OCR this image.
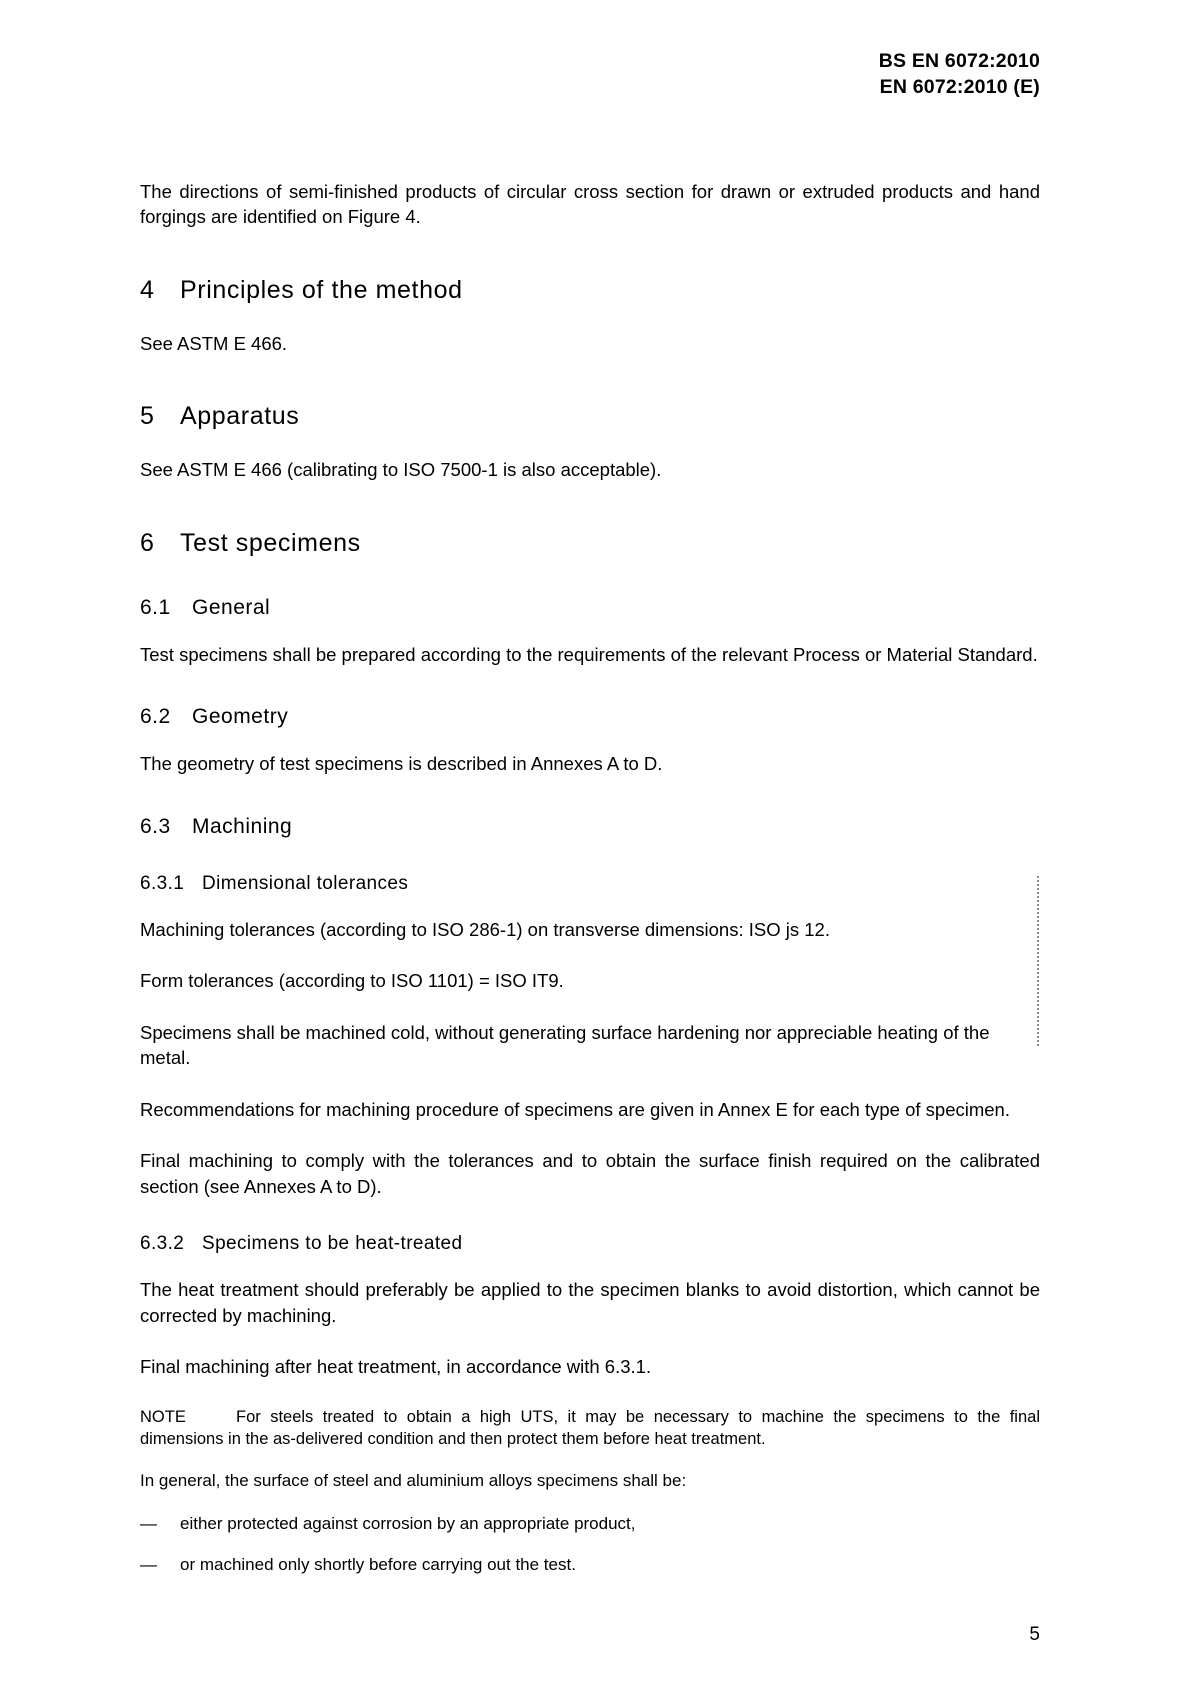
BS EN 6072:2010
EN 6072:2010 (E)

The directions of semi-finished products of circular cross section for drawn or extruded products and hand forgings are identified on Figure 4.

4 Principles of the method

See ASTM E 466.

5 Apparatus

See ASTM E 466 (calibrating to ISO 7500-1 is also acceptable).

6 Test specimens
6.1 General

Test specimens shall be prepared according to the requirements of the relevant Process or Material Standard.

6.2 Geometry

The geometry of test specimens is described in Annexes A to D.

6.3 Machining
6.3.1 Dimensional tolerances

Machining tolerances (according to ISO 286-1) on transverse dimensions: ISO js 12.

Form tolerances (according to ISO 1101) = ISO IT9.

Specimens shall be machined cold, without generating surface hardening nor appreciable heating of the metal.

Recommendations for machining procedure of specimens are given in Annex E for each type of specimen.

Final machining to comply with the tolerances and to obtain the surface finish required on the calibrated section (see Annexes A to D).

6.3.2 Specimens to be heat-treated

The heat treatment should preferably be applied to the specimen blanks to avoid distortion, which cannot be corrected by machining.

Final machining after heat treatment, in accordance with 6.3.1.

NOTE	For steels treated to obtain a high UTS, it may be necessary to machine the specimens to the final dimensions in the as-delivered condition and then protect them before heat treatment.

In general, the surface of steel and aluminium alloys specimens shall be:

— either protected against corrosion by an appropriate product,
— or machined only shortly before carrying out the test.
5
